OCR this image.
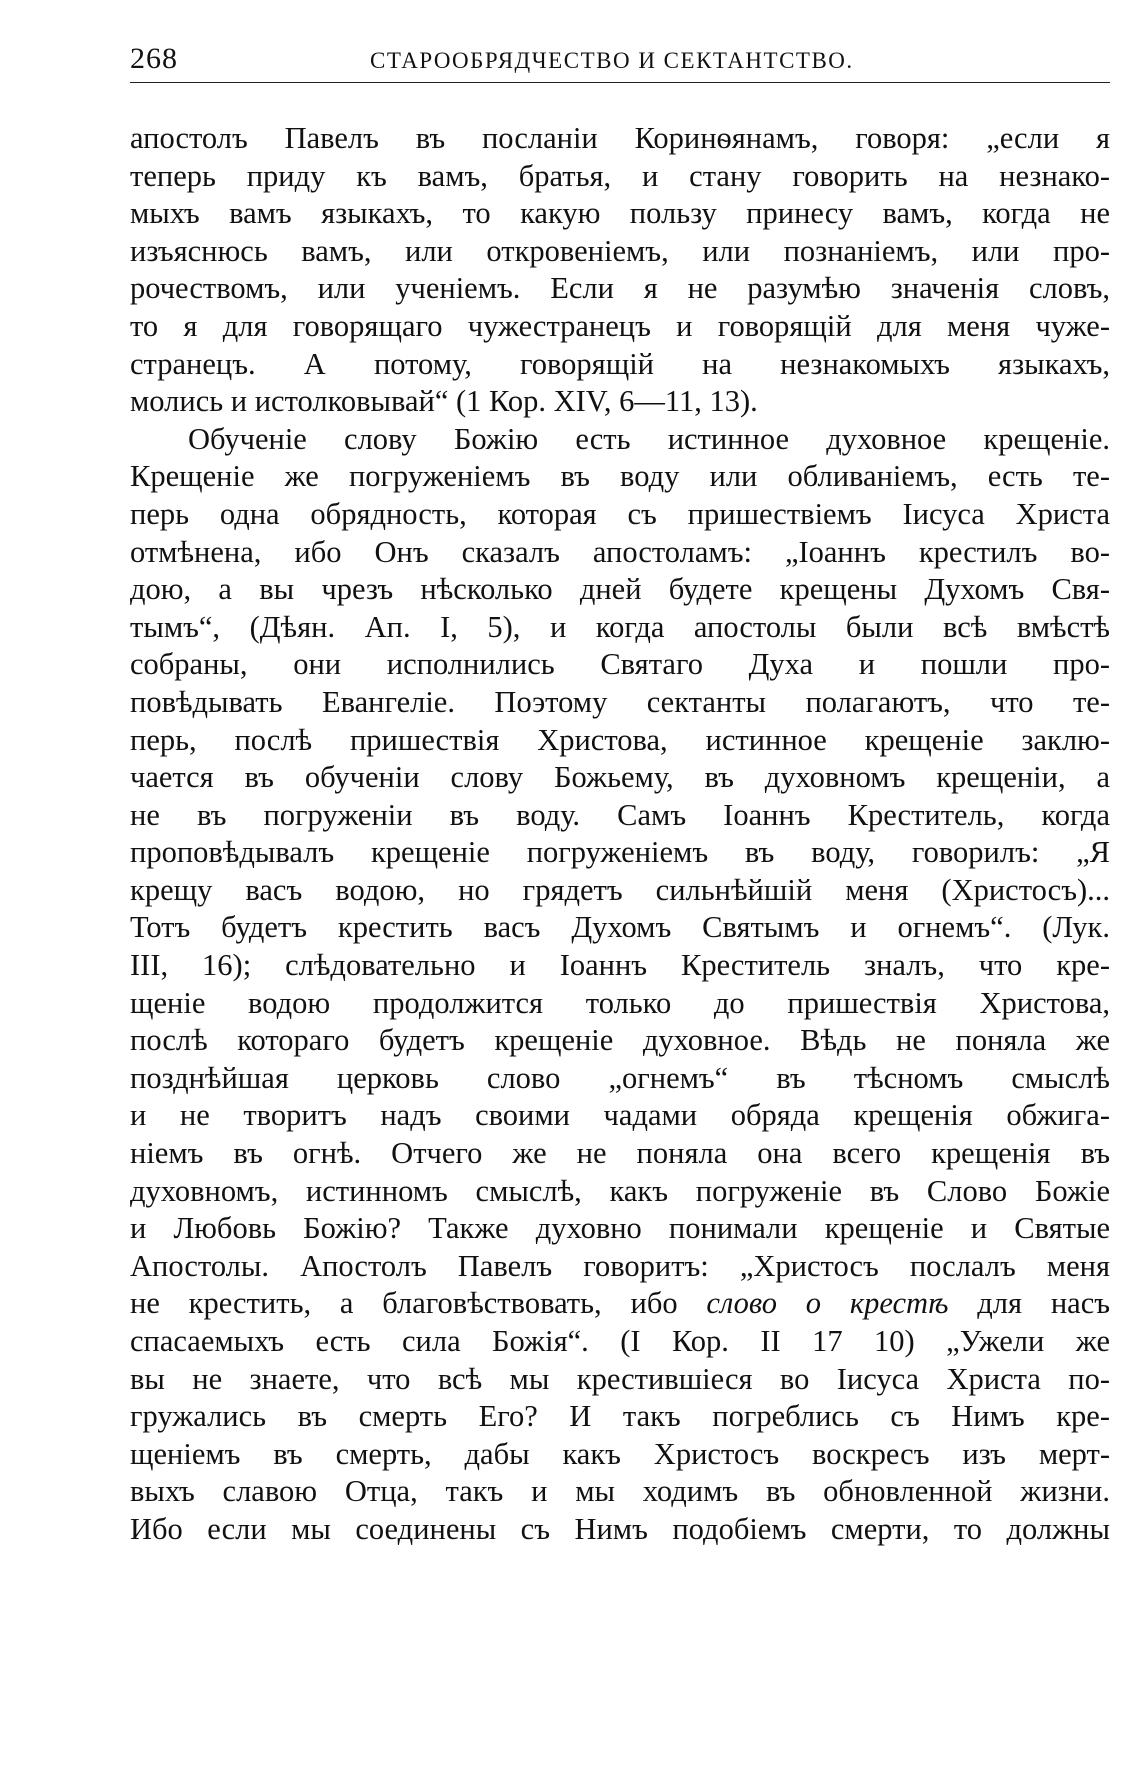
268	СТАРООБРЯДЧЕСТВО И СЕКТАНТСТВО.
апостолъ Павелъ въ посланіи Коринѳянамъ, говоря: „если я
теперь приду къ вамъ, братья, и стану говорить на незнако-
мыхъ вамъ языкахъ, то какую пользу принесу вамъ, когда не
изъяснюсь вамъ, или откровеніемъ, или познаніемъ, или про-
рочествомъ, или ученіемъ. Если я не разумѣю значенія словъ,
то я для говорящаго чужестранецъ и говорящій для меня чуже-
странецъ. А потому, говорящій на незнакомыхъ языкахъ,
молись и истолковывай“ (1 Кор. XIV, 6—11, 13).
Обученіе слову Божію есть истинное духовное крещеніе.
Крещеніе же погруженіемъ въ воду или обливаніемъ, есть те-
перь одна обрядность, которая съ пришествіемъ Іисуса Христа
отмѣнена, ибо Онъ сказалъ апостоламъ: „Іоаннъ крестилъ во-
дою, а вы чрезъ нѣсколько дней будете крещены Духомъ Свя-
тымъ“, (Дѣян. Ап. I, 5), и когда апостолы были всѣ вмѣстѣ
собраны, они исполнились Святаго Духа и пошли про-
повѣдывать Евангеліе. Поэтому сектанты полагаютъ, что те-
перь, послѣ пришествія Христова, истинное крещеніе заклю-
чается въ обученіи слову Божьему, въ духовномъ крещеніи, а
не въ погруженіи въ воду. Самъ Іоаннъ Креститель, когда
проповѣдывалъ крещеніе погруженіемъ въ воду, говорилъ: „Я
крещу васъ водою, но грядетъ сильнѣйшій меня (Христосъ)...
Тотъ будетъ крестить васъ Духомъ Святымъ и огнемъ“. (Лук.
III, 16); слѣдовательно и Іоаннъ Креститель зналъ, что кре-
щеніе водою продолжится только до пришествія Христова,
послѣ котораго будетъ крещеніе духовное. Вѣдь не поняла же
позднѣйшая церковь слово „огнемъ“ въ тѣсномъ смыслѣ
и не творитъ надъ своими чадами обряда крещенія обжига-
ніемъ въ огнѣ. Отчего же не поняла она всего крещенія въ
духовномъ, истинномъ смыслѣ, какъ погруженіе въ Слово Божіе
и Любовь Божію? Также духовно понимали крещеніе и Святые
Апостолы. Апостолъ Павелъ говоритъ: „Христосъ послалъ меня
не крестить, а благовѣствовать, ибо слово о крестѣ для насъ
спасаемыхъ есть сила Божія“. (I Кор. II 17 10) „Ужели же
вы не знаете, что всѣ мы крестившіеся во Іисуса Христа по-
гружались въ смерть Его? И такъ погреблись съ Нимъ кре-
щеніемъ въ смерть, дабы какъ Христосъ воскресъ изъ мерт-
выхъ славою Отца, такъ и мы ходимъ въ обновленной жизни.
Ибо если мы соединены съ Нимъ подобіемъ смерти, то должны
